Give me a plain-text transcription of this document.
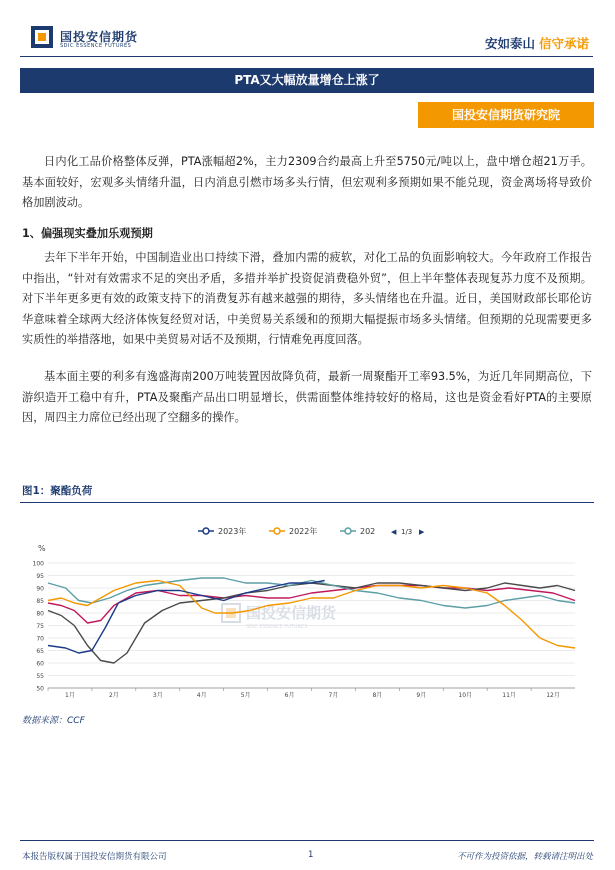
国投安信期货
SDIC ESSENCE FUTURES	安如泰山 信守承诺
PTA又大幅放量增仓上涨了
国投安信期货研究院
日内化工品价格整体反弹，PTA涨幅超2%，主力2309合约最高上升至5750元/吨以上，盘中增仓超21万手。基本面较好，宏观多头情绪升温，日内消息引燃市场多头行情，但宏观利多预期如果不能兑现，资金离场将导致价格加剧波动。
1、偏强现实叠加乐观预期
去年下半年开始，中国制造业出口持续下滑，叠加内需的疲软，对化工品的负面影响较大。今年政府工作报告中指出，“针对有效需求不足的突出矛盾，多措并举扩投资促消费稳外贸”，但上半年整体表现复苏力度不及预期。对下半年更多更有效的政策支持下的消费复苏有越来越强的期待，多头情绪也在升温。近日，美国财政部长耶伦访华意味着全球两大经济体恢复经贸对话，中美贸易关系缓和的预期大幅提振市场多头情绪。但预期的兑现需要更多实质性的举措落地，如果中美贸易对话不及预期，行情难免再度回落。
基本面主要的利多有逸盛海南200万吨装置因故降负荷，最新一周聚酯开工率93.5%，为近几年同期高位，下游织造开工稳中有升，PTA及聚酯产品出口明显增长，供需面整体维持较好的格局，这也是资金看好PTA的主要原因，周四主力席位已经出现了空翻多的操作。
图1：聚酯负荷
2023年	2022年	202 ◀ 1/3 ▶
国投安信期货
SDIC ESSENCE FUTURES
%
50
55
60
65
70
75
80
85
90
95
100
1月	2月	3月	4月	5月	6月	7月	8月	9月	10月	11月	12月
数据来源：CCF
本报告版权属于国投安信期货有限公司	1	不可作为投资依据，转载请注明出处
